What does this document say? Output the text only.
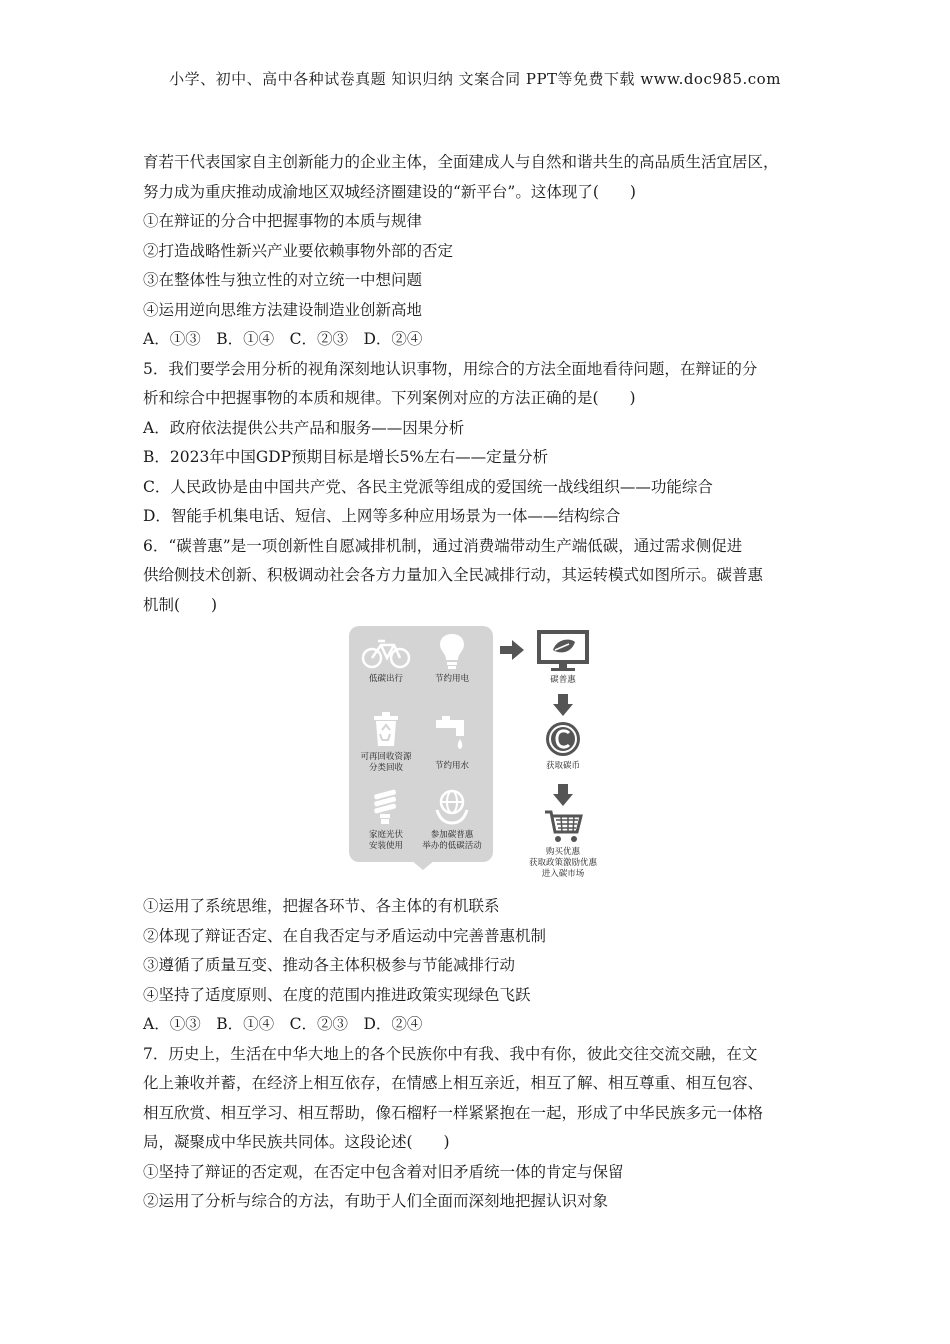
小学、初中、高中各种试卷真题 知识归纳 文案合同 PPT等免费下载 www.doc985.com
育若干代表国家自主创新能力的企业主体，全面建成人与自然和谐共生的高品质生活宜居区，
努力成为重庆推动成渝地区双城经济圈建设的“新平台”。这体现了(　　)
①在辩证的分合中把握事物的本质与规律
②打造战略性新兴产业要依赖事物外部的否定
③在整体性与独立性的对立统一中想问题
④运用逆向思维方法建设制造业创新高地
A．①③　B．①④　C．②③　D．②④
5．我们要学会用分析的视角深刻地认识事物，用综合的方法全面地看待问题，在辩证的分
析和综合中把握事物的本质和规律。下列案例对应的方法正确的是(　　)
A．政府依法提供公共产品和服务——因果分析
B．2023年中国GDP预期目标是增长5%左右——定量分析
C．人民政协是由中国共产党、各民主党派等组成的爱国统一战线组织——功能综合
D．智能手机集电话、短信、上网等多种应用场景为一体——结构综合
6．“碳普惠”是一项创新性自愿减排机制，通过消费端带动生产端低碳，通过需求侧促进
供给侧技术创新、积极调动社会各方力量加入全民减排行动，其运转模式如图所示。碳普惠
机制(　　)
低碳出行	节约用电
可再回收资源
分类回收	节约用水
家庭光伏
安装使用
参加碳普惠
举办的低碳活动
碳普惠
获取碳币
购买优惠
获取政策激励优惠
进入碳市场
①运用了系统思维，把握各环节、各主体的有机联系
②体现了辩证否定、在自我否定与矛盾运动中完善普惠机制
③遵循了质量互变、推动各主体积极参与节能减排行动
④坚持了适度原则、在度的范围内推进政策实现绿色飞跃
A．①③　B．①④　C．②③　D．②④
7．历史上，生活在中华大地上的各个民族你中有我、我中有你，彼此交往交流交融，在文
化上兼收并蓄，在经济上相互依存，在情感上相互亲近，相互了解、相互尊重、相互包容、
相互欣赏、相互学习、相互帮助，像石榴籽一样紧紧抱在一起，形成了中华民族多元一体格
局，凝聚成中华民族共同体。这段论述(　　)
①坚持了辩证的否定观，在否定中包含着对旧矛盾统一体的肯定与保留
②运用了分析与综合的方法，有助于人们全面而深刻地把握认识对象
